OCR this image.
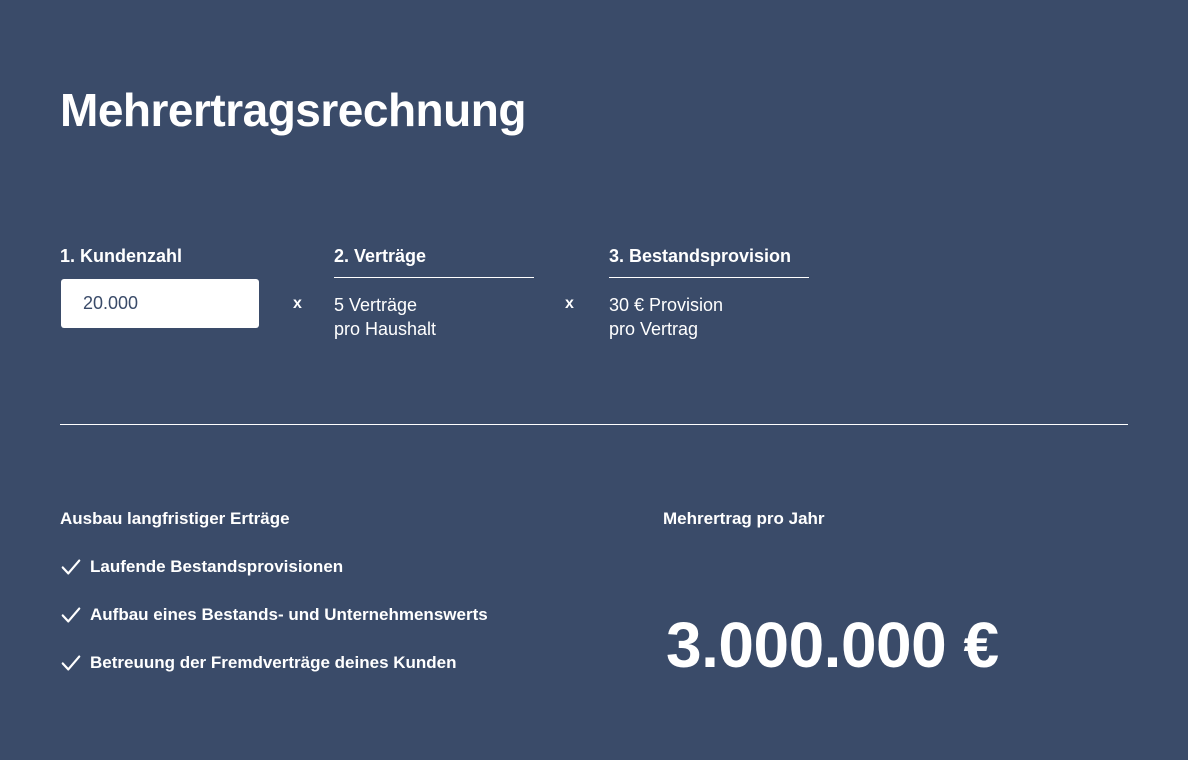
Mehrertragsrechnung
1. Kundenzahl
20.000
x
2. Verträge
5 Verträge
pro Haushalt
x
3. Bestandsprovision
30 € Provision
pro Vertrag
Ausbau langfristiger Erträge
Laufende Bestandsprovisionen
Aufbau eines Bestands- und Unternehmenswerts
Betreuung der Fremdverträge deines Kunden
Mehrertrag pro Jahr
3.000.000 €
